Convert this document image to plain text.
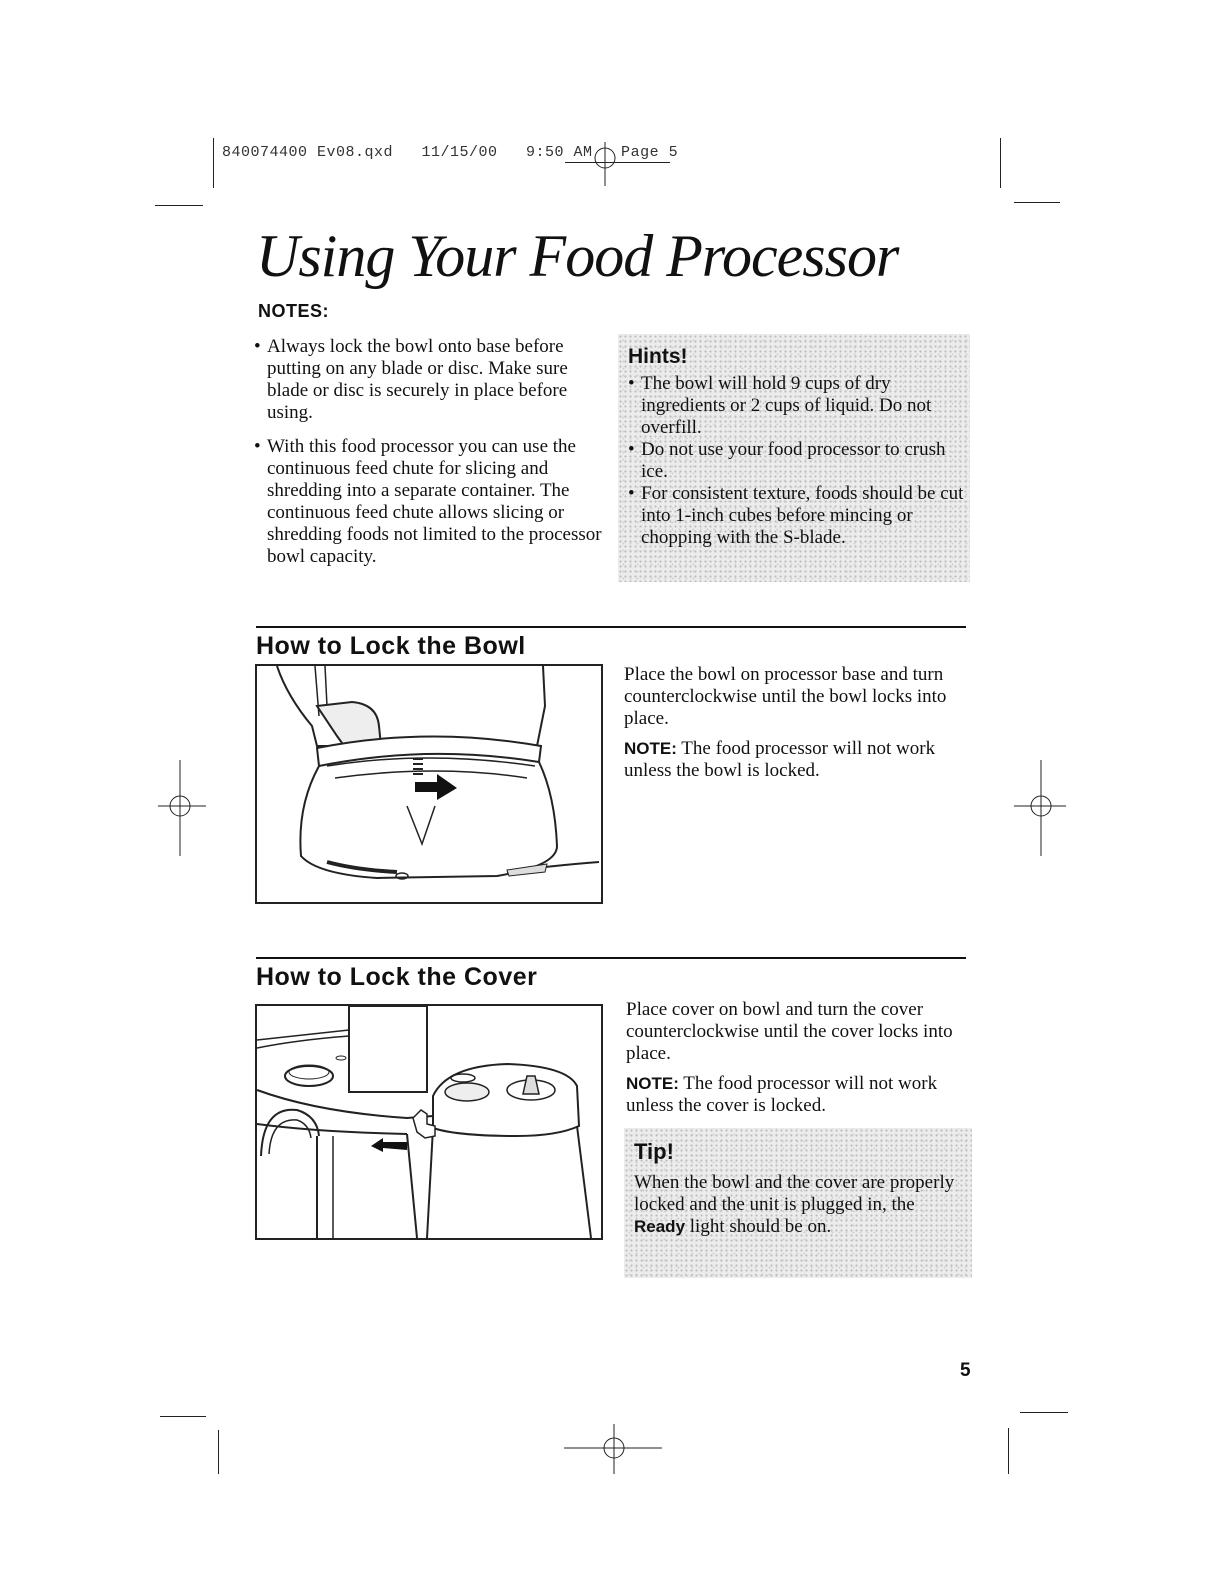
840074400 Ev08.qxd   11/15/00   9:50 AM   Page 5
Using Your Food Processor
NOTES:
• Always lock the bowl onto base before putting on any blade or disc. Make sure blade or disc is securely in place before using.
• With this food processor you can use the continuous feed chute for slicing and shredding into a separate container. The continuous feed chute allows slicing or shredding foods not limited to the processor bowl capacity.
Hints!
• The bowl will hold 9 cups of dry ingredients or 2 cups of liquid. Do not overfill.
• Do not use your food processor to crush ice.
• For consistent texture, foods should be cut into 1-inch cubes before mincing or chopping with the S-blade.
How to Lock the Bowl

Place the bowl on processor base and turn counterclockwise until the bowl locks into place.

NOTE: The food processor will not work unless the bowl is locked.

How to Lock the Cover

Place cover on bowl and turn the cover counterclockwise until the cover locks into place.

NOTE: The food processor will not work unless the cover is locked.

Tip!
When the bowl and the cover are properly locked and the unit is plugged in, the Ready light should be on.
5
